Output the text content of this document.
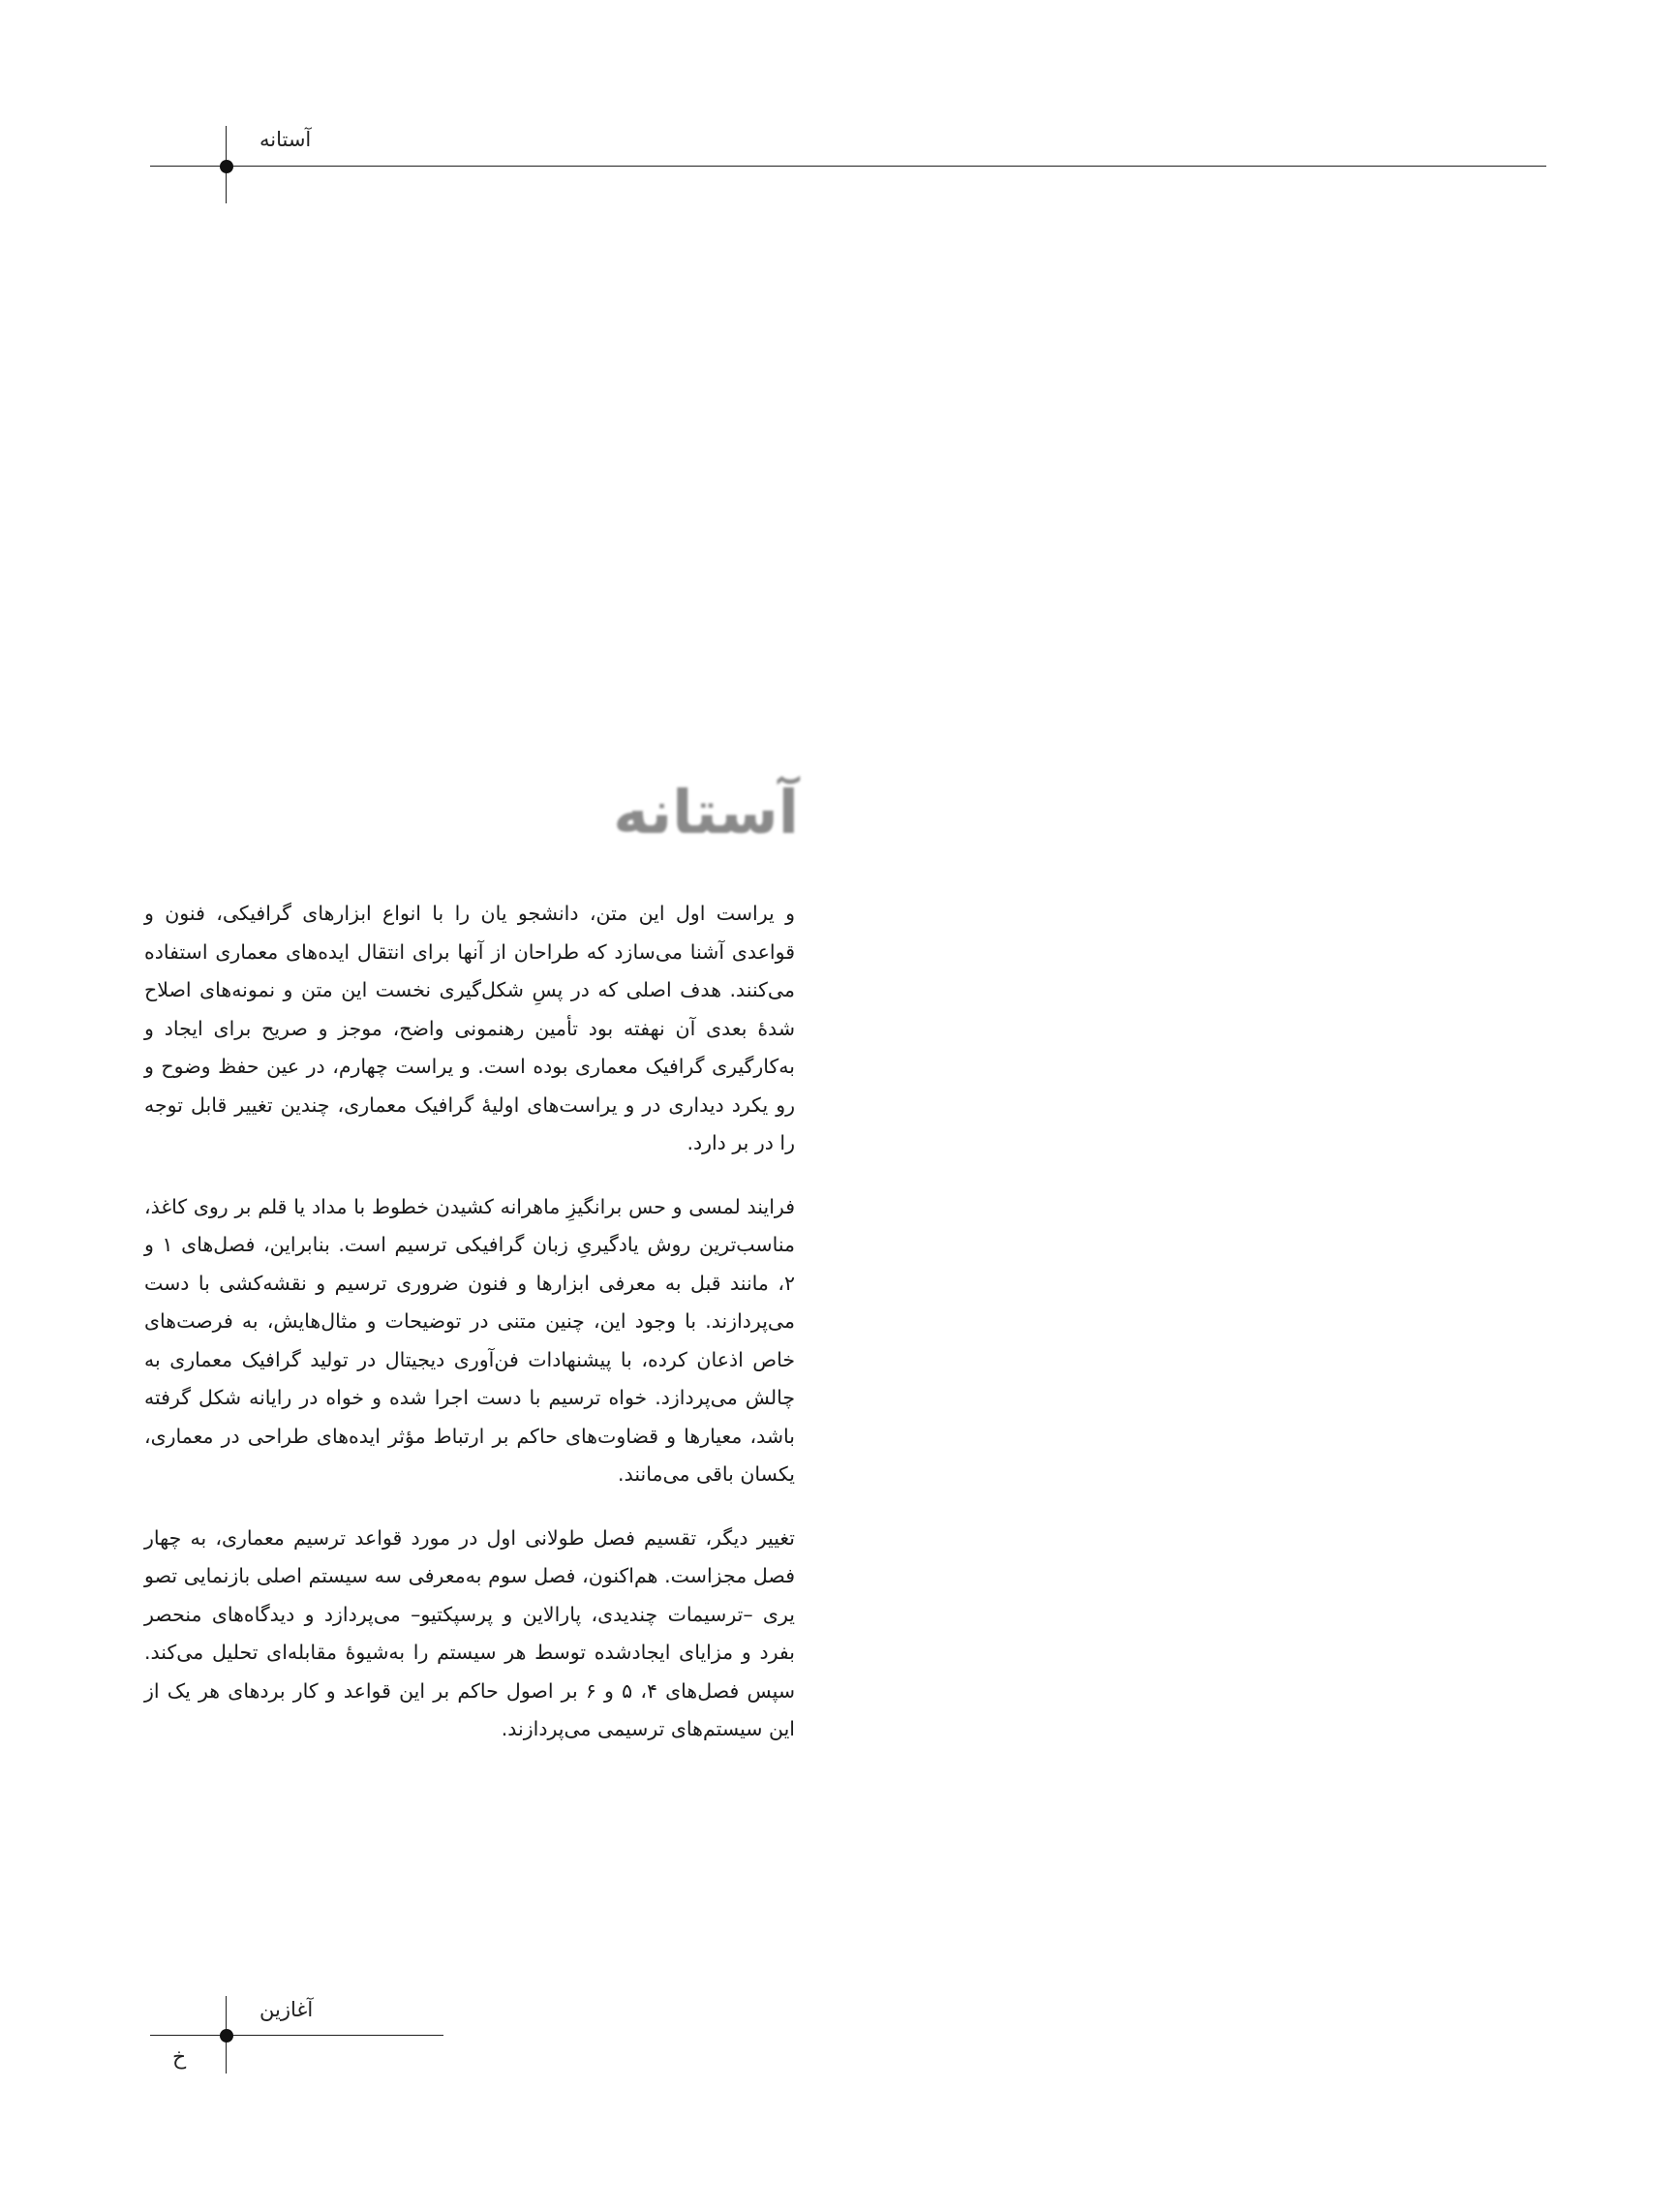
آستانه
آستانه

و یراست اول این متن، دانشجو یان را با انواع ابزارهای گرافیکی، فنون و قواعدی آشنا می‌سازد که طراحان از آنها برای انتقال ایده‌های معماری استفاده می‌کنند. هدف اصلی که در پسِ شکل‌گیری نخست این متن و نمونه‌های اصلاح شدهٔ بعدی آن نهفته بود تأمین رهنمونی واضح، موجز و صریح برای ایجاد و به‌کارگیری گرافیک معماری بوده است. و یراست چهارم، در عین حفظ وضوح و رو یکرد دیداری در و یراست‌های اولیهٔ گرافیک معماری، چندین تغییر قابل توجه را در بر دارد.

فرایند لمسی و حس برانگیزِ ماهرانه کشیدن خطوط با مداد یا قلم بر روی کاغذ، مناسب‌ترین روش یادگیریِ زبان گرافیکی ترسیم است. بنابراین، فصل‌های ۱ و ۲، مانند قبل به معرفی ابزارها و فنون ضروری ترسیم و نقشه‌کشی با دست می‌پردازند. با وجود این، چنین متنی در توضیحات و مثال‌هایش، به فرصت‌های خاص اذعان کرده، با پیشنهادات فن‌آوری دیجیتال در تولید گرافیک معماری به چالش می‌پردازد. خواه ترسیم با دست اجرا شده و خواه در رایانه شکل گرفته باشد، معیارها و قضاوت‌های حاکم بر ارتباط مؤثر ایده‌های طراحی در معماری، یکسان باقی می‌مانند.

تغییر دیگر، تقسیم فصل طولانی اول در مورد قواعد ترسیم معماری، به چهار فصل مجزاست. هم‌اکنون، فصل سوم به‌معرفی سه سیستم اصلی بازنمایی تصو یری –ترسیمات چندیدی، پارالاین و پرسپکتیو– می‌پردازد و دیدگاه‌های منحصر بفرد و مزایای ایجادشده توسط هر سیستم را به‌شیوهٔ مقابله‌ای تحلیل می‌کند. سپس فصل‌های ۴، ۵ و ۶ بر اصول حاکم بر این قواعد و کار بردهای هر یک از این سیستم‌های ترسیمی می‌پردازند.

آغازین
خ
